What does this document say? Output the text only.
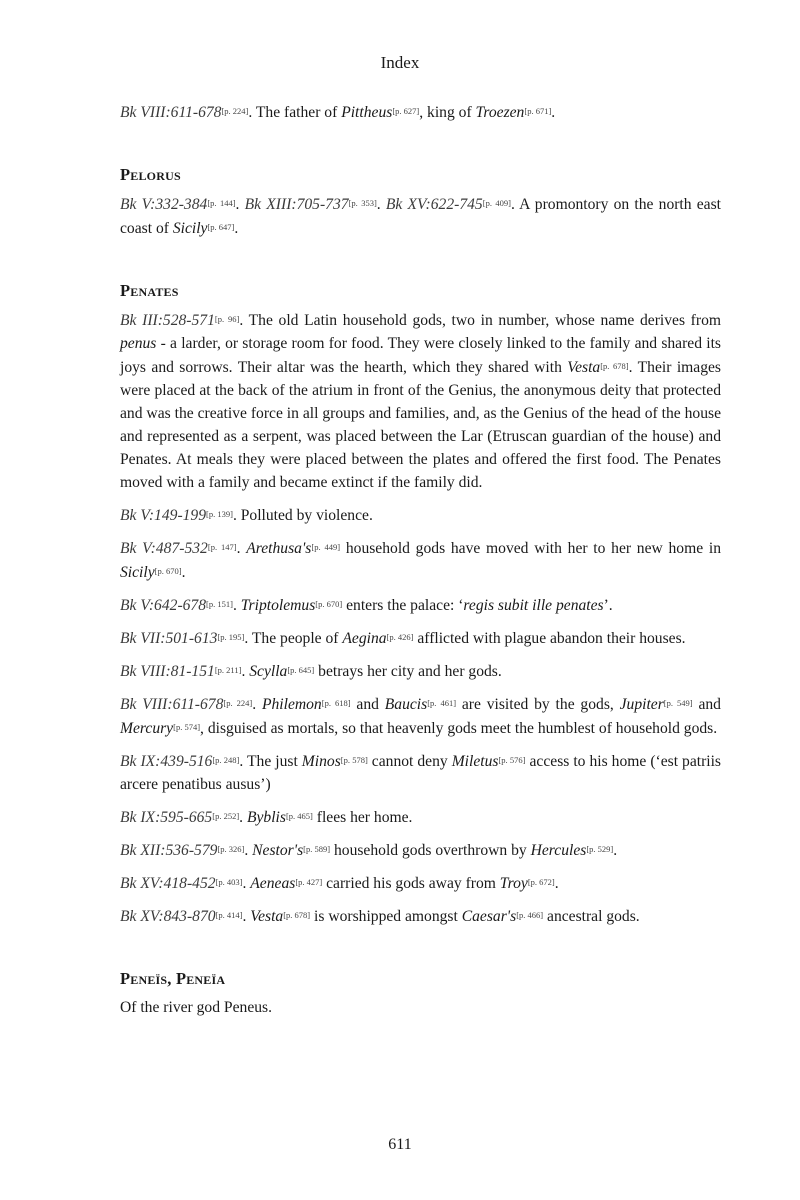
Index

Bk VIII:611-678[p. 224]. The father of Pittheus[p. 627], king of Troezen[p. 671].

Pelorus

Bk V:332-384[p. 144]. Bk XIII:705-737[p. 353]. Bk XV:622-745[p. 409]. A promontory on the north east coast of Sicily[p. 647].

Penates

Bk III:528-571[p. 96]. The old Latin household gods, two in number, whose name derives from penus - a larder, or storage room for food. They were closely linked to the family and shared its joys and sorrows. Their altar was the hearth, which they shared with Vesta[p. 678]. Their images were placed at the back of the atrium in front of the Genius, the anonymous deity that protected and was the creative force in all groups and families, and, as the Genius of the head of the house and represented as a serpent, was placed between the Lar (Etruscan guardian of the house) and Penates. At meals they were placed between the plates and offered the first food. The Penates moved with a family and became extinct if the family did.

Bk V:149-199[p. 139]. Polluted by violence.

Bk V:487-532[p. 147]. Arethusa's[p. 449] household gods have moved with her to her new home in Sicily[p. 670].

Bk V:642-678[p. 151]. Triptolemus[p. 670] enters the palace: ‘regis subit ille penates’.

Bk VII:501-613[p. 195]. The people of Aegina[p. 426] afflicted with plague abandon their houses.

Bk VIII:81-151[p. 211]. Scylla[p. 645] betrays her city and her gods.

Bk VIII:611-678[p. 224]. Philemon[p. 618] and Baucis[p. 461] are visited by the gods, Jupiter[p. 549] and Mercury[p. 574], disguised as mortals, so that heavenly gods meet the humblest of household gods.

Bk IX:439-516[p. 248]. The just Minos[p. 578] cannot deny Miletus[p. 576] access to his home (‘est patriis arcere penatibus ausus’)

Bk IX:595-665[p. 252]. Byblis[p. 465] flees her home.

Bk XII:536-579[p. 326]. Nestor's[p. 589] household gods overthrown by Hercules[p. 529].

Bk XV:418-452[p. 403]. Aeneas[p. 427] carried his gods away from Troy[p. 672].

Bk XV:843-870[p. 414]. Vesta[p. 678] is worshipped amongst Caesar's[p. 466] ancestral gods.

Peneïs, Peneïa

Of the river god Peneus.

611
